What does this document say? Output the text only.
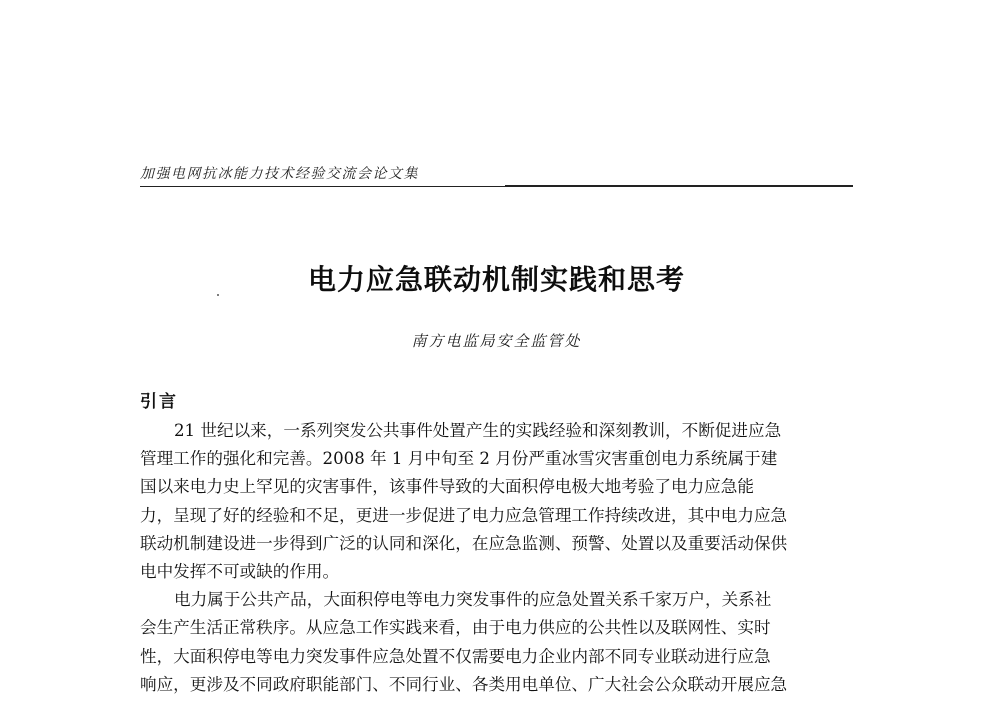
加强电网抗冰能力技术经验交流会论文集
电力应急联动机制实践和思考
南方电监局安全监管处
引言
21 世纪以来，一系列突发公共事件处置产生的实践经验和深刻教训，不断促进应急
管理工作的强化和完善。2008 年 1 月中旬至 2 月份严重冰雪灾害重创电力系统属于建
国以来电力史上罕见的灾害事件，该事件导致的大面积停电极大地考验了电力应急能
力，呈现了好的经验和不足，更进一步促进了电力应急管理工作持续改进，其中电力应急
联动机制建设进一步得到广泛的认同和深化，在应急监测、预警、处置以及重要活动保供
电中发挥不可或缺的作用。
电力属于公共产品，大面积停电等电力突发事件的应急处置关系千家万户，关系社
会生产生活正常秩序。从应急工作实践来看，由于电力供应的公共性以及联网性、实时
性，大面积停电等电力突发事件应急处置不仅需要电力企业内部不同专业联动进行应急
响应，更涉及不同政府职能部门、不同行业、各类用电单位、广大社会公众联动开展应急
